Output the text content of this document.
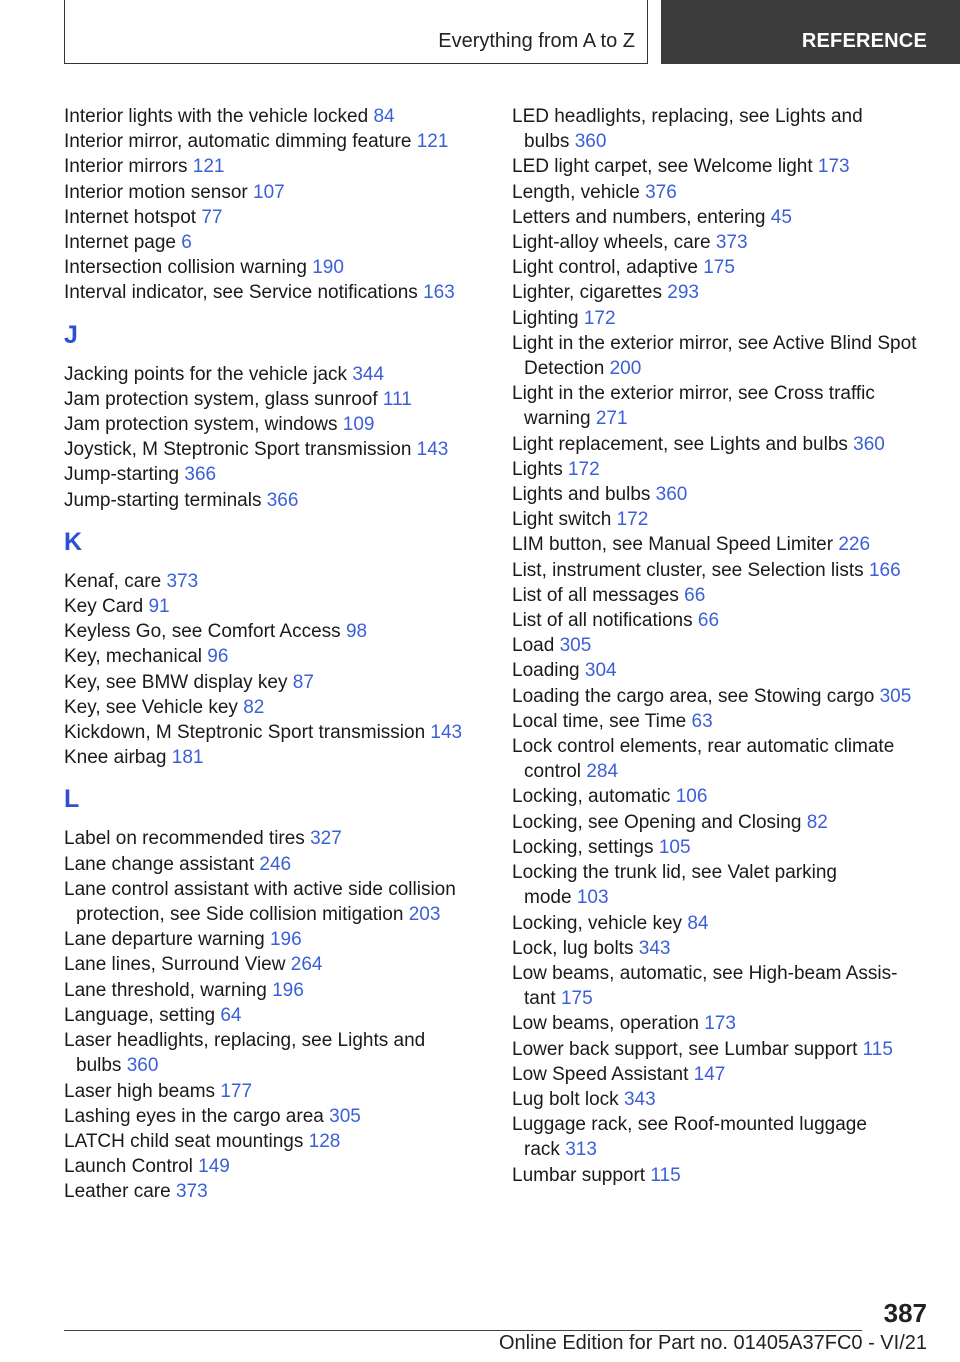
Everything from A to Z	REFERENCE
Interior lights with the vehicle locked 84
Interior mirror, automatic dimming feature 121
Interior mirrors 121
Interior motion sensor 107
Internet hotspot 77
Internet page 6
Intersection collision warning 190
Interval indicator, see Service notifications 163
J
Jacking points for the vehicle jack 344
Jam protection system, glass sunroof 111
Jam protection system, windows 109
Joystick, M Steptronic Sport transmission 143
Jump-starting 366
Jump-starting terminals 366
K
Kenaf, care 373
Key Card 91
Keyless Go, see Comfort Access 98
Key, mechanical 96
Key, see BMW display key 87
Key, see Vehicle key 82
Kickdown, M Steptronic Sport transmission 143
Knee airbag 181
L
Label on recommended tires 327
Lane change assistant 246
Lane control assistant with active side collision
protection, see Side collision mitigation 203
Lane departure warning 196
Lane lines, Surround View 264
Lane threshold, warning 196
Language, setting 64
Laser headlights, replacing, see Lights and
bulbs 360
Laser high beams 177
Lashing eyes in the cargo area 305
LATCH child seat mountings 128
Launch Control 149
Leather care 373
LED headlights, replacing, see Lights and
bulbs 360
LED light carpet, see Welcome light 173
Length, vehicle 376
Letters and numbers, entering 45
Light-alloy wheels, care 373
Light control, adaptive 175
Lighter, cigarettes 293
Lighting 172
Light in the exterior mirror, see Active Blind Spot
Detection 200
Light in the exterior mirror, see Cross traffic
warning 271
Light replacement, see Lights and bulbs 360
Lights 172
Lights and bulbs 360
Light switch 172
LIM button, see Manual Speed Limiter 226
List, instrument cluster, see Selection lists 166
List of all messages 66
List of all notifications 66
Load 305
Loading 304
Loading the cargo area, see Stowing cargo 305
Local time, see Time 63
Lock control elements, rear automatic climate
control 284
Locking, automatic 106
Locking, see Opening and Closing 82
Locking, settings 105
Locking the trunk lid, see Valet parking
mode 103
Locking, vehicle key 84
Lock, lug bolts 343
Low beams, automatic, see High-beam Assis-
tant 175
Low beams, operation 173
Lower back support, see Lumbar support 115
Low Speed Assistant 147
Lug bolt lock 343
Luggage rack, see Roof-mounted luggage
rack 313
Lumbar support 115
387
Online Edition for Part no. 01405A37FC0 - VI/21
